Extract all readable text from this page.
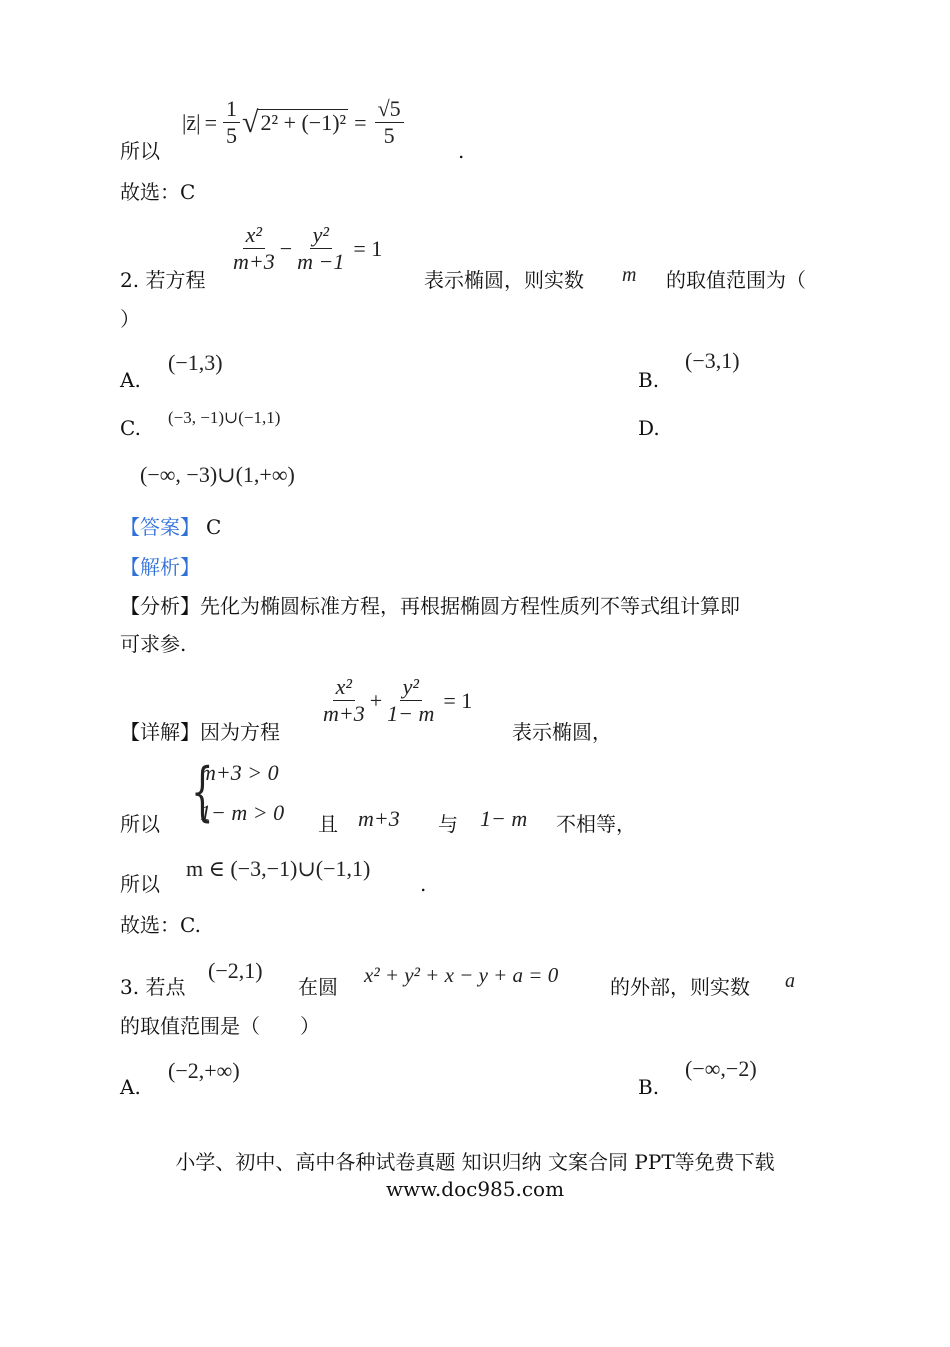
所以
|z̄| = $\frac{1}{5}$ √ $2^2 + (-1)^2 = \frac{√5}{5}$
.
故选：C
2. 若方程
$\frac{\text{x²}}{m+3} - \frac{\text{y²}}{m -1} = 1$
表示椭圆，则实数 m 的取值范围为（
）
A.
(−1,3)
B.
(−3,1)
C. (−3, −1)∪(−1,1)	D.
(−∞, −3)∪(1,+∞)
【答案】 C
【解析】
【分析】先化为椭圆标准方程，再根据椭圆方程性质列不等式组计算即
可求参.
【详解】因为方程
$\frac{\text{x²}}{m+3} + \frac{\text{y²}}{1- m} = 1$
表示椭圆，
所以 {
m+3 > 0
1− m > 0 且 m+3 与 1− m 不相等，
所以
m ∈ (−3,−1)∪(−1,1)
.
故选：C.
3. 若点
(−2,1)
在圆 x² + y² + x − y + a = 0	的外部，则实数 a
的取值范围是（　　）
A.
(−2,+∞)
B.
(−∞,−2)
小学、初中、高中各种试卷真题 知识归纳 文案合同 PPT等免费下载
www.doc985.com
